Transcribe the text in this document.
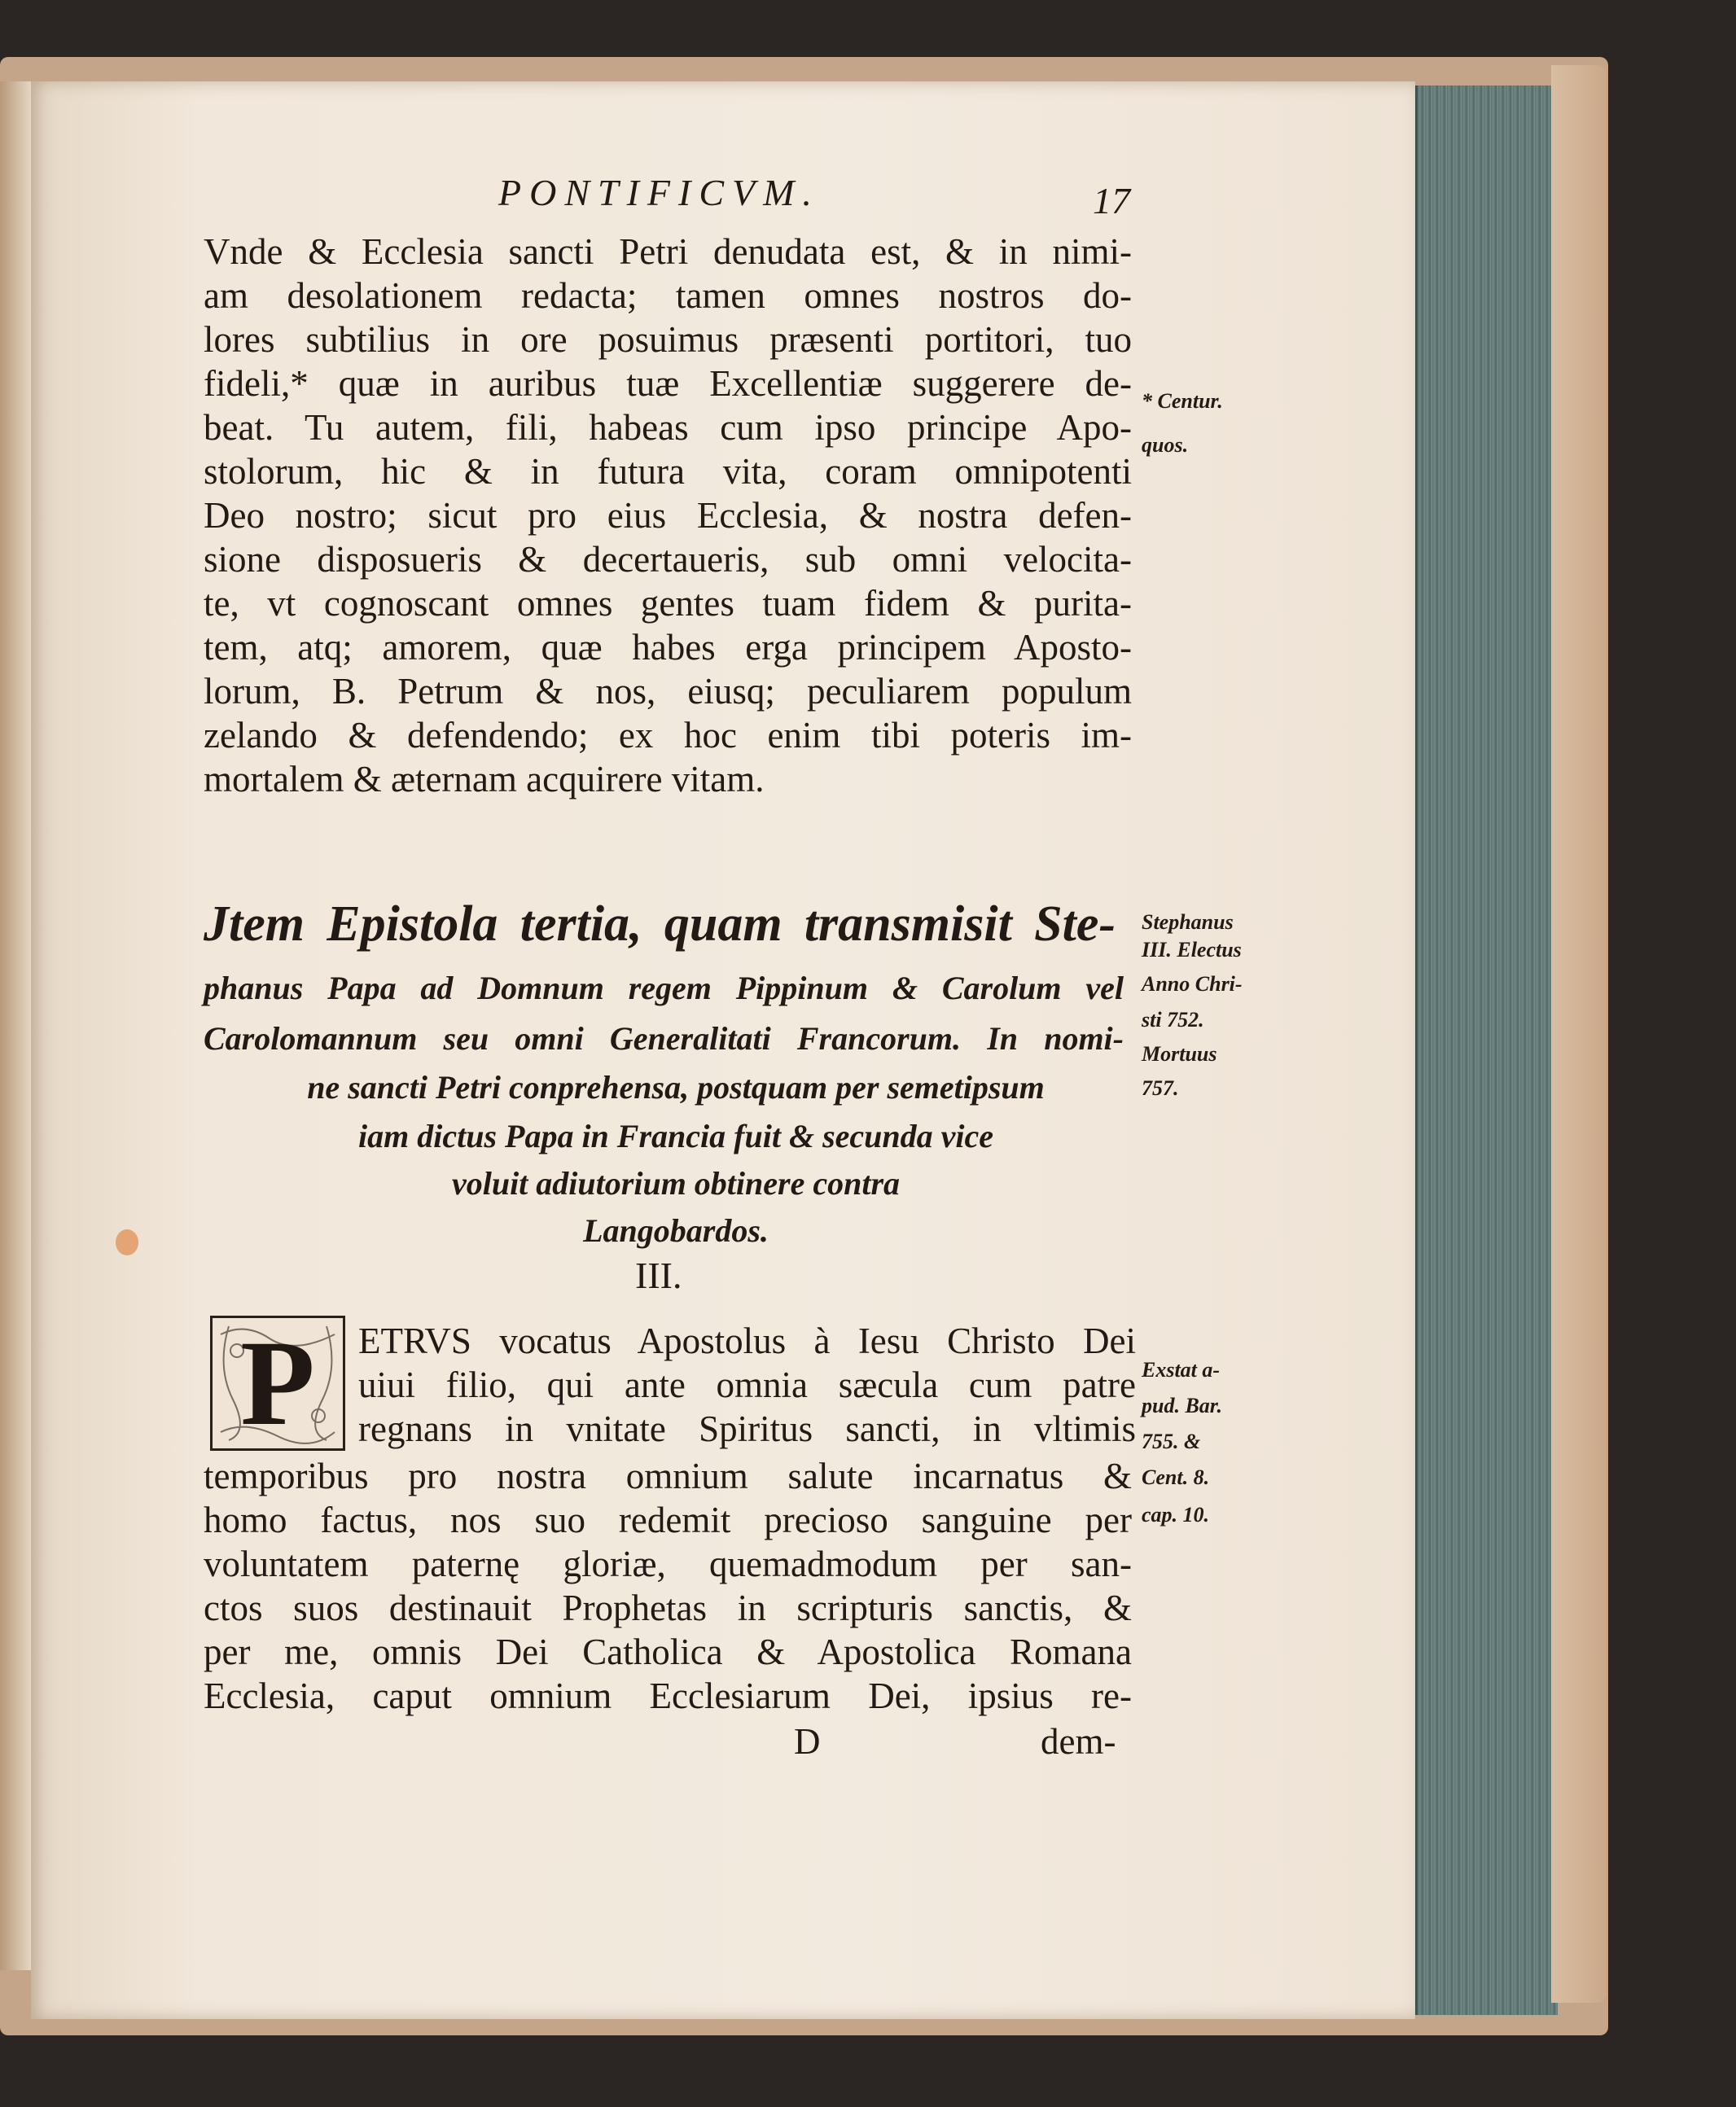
PONTIFICVM.	17
Vnde & Ecclesia sancti Petri denudata est, & in nimi-
am desolationem redacta; tamen omnes nostros do-
lores subtilius in ore posuimus præsenti portitori, tuo
fideli,* quæ in auribus tuæ Excellentiæ suggerere de-
beat. Tu autem, fili, habeas cum ipso principe Apo-
stolorum, hic & in futura vita, coram omnipotenti
Deo nostro; sicut pro eius Ecclesia, & nostra defen-
sione disposueris & decertaueris, sub omni velocita-
te, vt cognoscant omnes gentes tuam fidem & purita-
tem, atq; amorem, quæ habes erga principem Aposto-
lorum, B. Petrum & nos, eiusq; peculiarem populum
zelando & defendendo; ex hoc enim tibi poteris im-
mortalem & æternam acquirere vitam.
* Centur.
quos.
Jtem Epistola tertia, quam transmisit Ste-
phanus Papa ad Domnum regem Pippinum & Carolum vel
Carolomannum seu omni Generalitati Francorum. In nomi-
ne sancti Petri conprehensa, postquam per semetipsum
iam dictus Papa in Francia fuit & secunda vice
voluit adiutorium obtinere contra
Langobardos.
Stephanus
III. Electus
Anno Chri-
sti 752.
Mortuus
757.
III.
P	ETRVS vocatus Apostolus à Iesu Christo Dei
uiui filio, qui ante omnia sæcula cum patre
regnans in vnitate Spiritus sancti, in vltimis
temporibus pro nostra omnium salute incarnatus &
homo factus, nos suo redemit precioso sanguine per
voluntatem paternę gloriæ, quemadmodum per san-
ctos suos destinauit Prophetas in scripturis sanctis, &
per me, omnis Dei Catholica & Apostolica Romana
Ecclesia, caput omnium Ecclesiarum Dei, ipsius re-
Exstat a-
pud. Bar.
755. &
Cent. 8.
cap. 10.
D	dem-
